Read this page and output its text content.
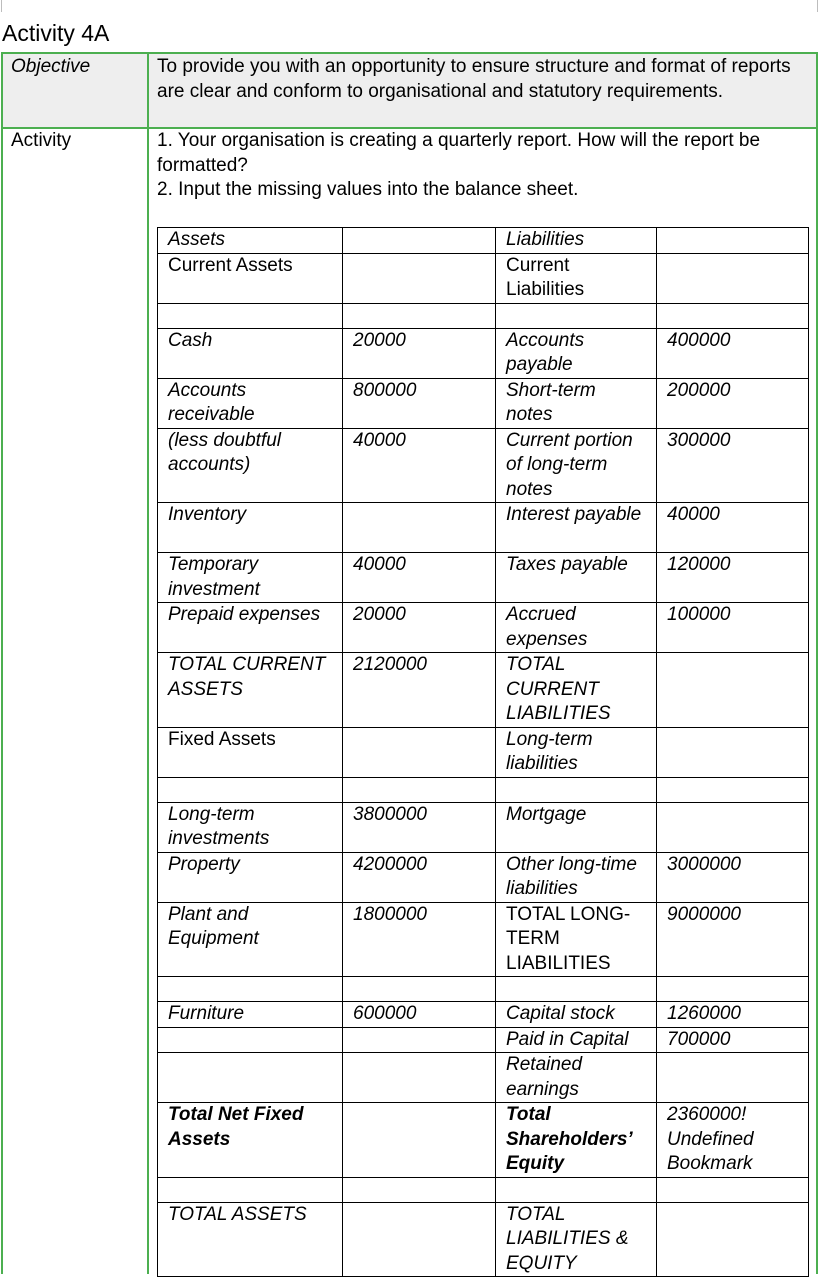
Activity 4A
Objective	To provide you with an opportunity to ensure structure and format of reports are clear and conform to organisational and statutory requirements.
Activity	1. Your organisation is creating a quarterly report. How will the report be formatted?

2. Input the missing values into the balance sheet.

Assets		Liabilities	
Current Assets		Current Liabilities	

Cash	20000	Accounts payable	400000
Accounts receivable	800000	Short-term notes	200000
(less doubtful accounts)	40000	Current portion of long-term notes	300000
Inventory		Interest payable	40000
Temporary investment	40000	Taxes payable	120000
Prepaid expenses	20000	Accrued expenses	100000
TOTAL CURRENT ASSETS	2120000	TOTAL CURRENT LIABILITIES	
Fixed Assets		Long-term liabilities	

Long-term investments	3800000	Mortgage	
Property	4200000	Other long-time liabilities	3000000
Plant and Equipment	1800000	TOTAL LONG-TERM LIABILITIES	9000000

Furniture	600000	Capital stock	1260000
		Paid in Capital	700000
		Retained earnings	
Total Net Fixed Assets		Total Shareholders’ Equity	2360000! Undefined Bookmark

TOTAL ASSETS		TOTAL LIABILITIES & EQUITY	
